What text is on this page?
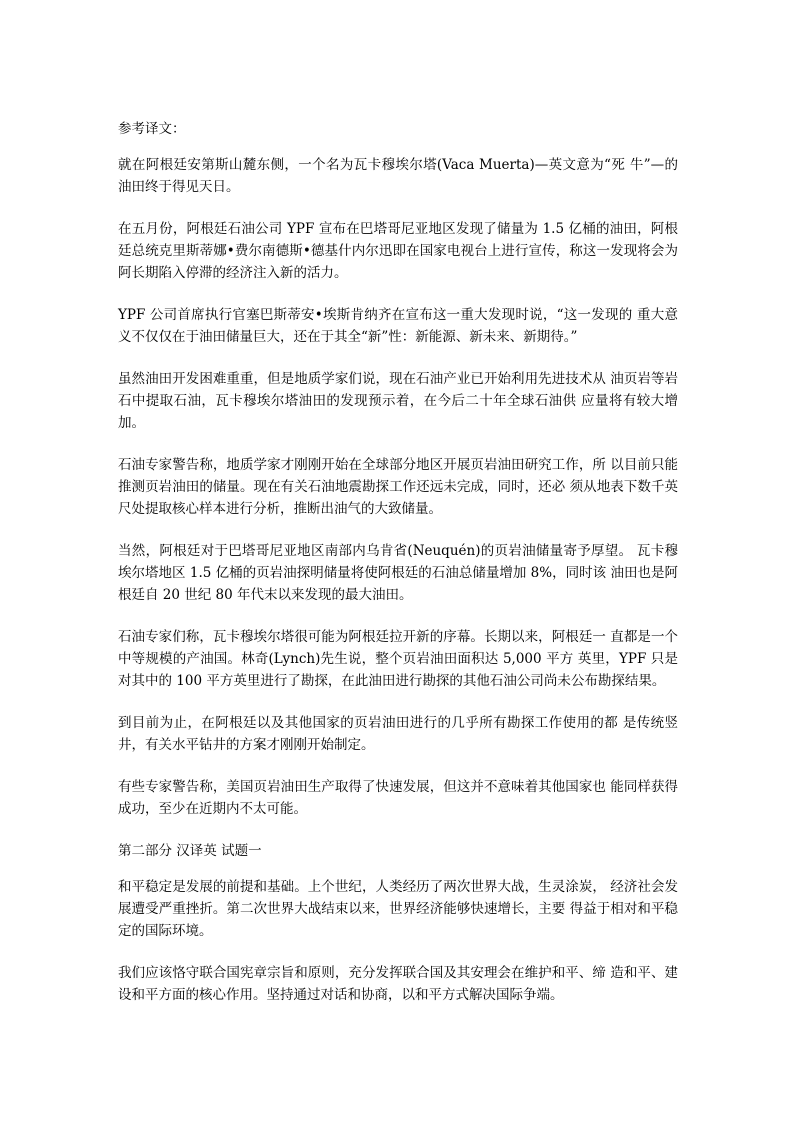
参考译文：

就在阿根廷安第斯山麓东侧，一个名为瓦卡穆埃尔塔(Vaca Muerta)—英文意为“死 牛”—的油田终于得见天日。

在五月份，阿根廷石油公司 YPF 宣布在巴塔哥尼亚地区发现了储量为 1.5 亿桶的油田，阿根廷总统克里斯蒂娜•费尔南德斯•德基什内尔迅即在国家电视台上进行宣传，称这一发现将会为阿长期陷入停滞的经济注入新的活力。

YPF 公司首席执行官塞巴斯蒂安•埃斯肯纳齐在宣布这一重大发现时说，“这一发现的 重大意义不仅仅在于油田储量巨大，还在于其全“新”性：新能源、新未来、新期待。”

虽然油田开发困难重重，但是地质学家们说，现在石油产业已开始利用先进技术从 油页岩等岩石中提取石油，瓦卡穆埃尔塔油田的发现预示着，在今后二十年全球石油供 应量将有较大增加。

石油专家警告称，地质学家才刚刚开始在全球部分地区开展页岩油田研究工作，所 以目前只能推测页岩油田的储量。现在有关石油地震勘探工作还远未完成，同时，还必 须从地表下数千英尺处提取核心样本进行分析，推断出油气的大致储量。

当然，阿根廷对于巴塔哥尼亚地区南部内乌肯省(Neuquén)的页岩油储量寄予厚望。 瓦卡穆埃尔塔地区 1.5 亿桶的页岩油探明储量将使阿根廷的石油总储量增加 8%，同时该 油田也是阿根廷自 20 世纪 80 年代末以来发现的最大油田。

石油专家们称，瓦卡穆埃尔塔很可能为阿根廷拉开新的序幕。长期以来，阿根廷一 直都是一个中等规模的产油国。林奇(Lynch)先生说，整个页岩油田面积达 5,000 平方 英里，YPF 只是对其中的 100 平方英里进行了勘探，在此油田进行勘探的其他石油公司尚未公布勘探结果。

到目前为止，在阿根廷以及其他国家的页岩油田进行的几乎所有勘探工作使用的都 是传统竖井，有关水平钻井的方案才刚刚开始制定。

有些专家警告称，美国页岩油田生产取得了快速发展，但这并不意味着其他国家也 能同样获得成功，至少在近期内不太可能。

第二部分 汉译英 试题一

和平稳定是发展的前提和基础。上个世纪，人类经历了两次世界大战，生灵涂炭， 经济社会发展遭受严重挫折。第二次世界大战结束以来，世界经济能够快速增长，主要 得益于相对和平稳定的国际环境。

我们应该恪守联合国宪章宗旨和原则，充分发挥联合国及其安理会在维护和平、缔 造和平、建设和平方面的核心作用。坚持通过对话和协商，以和平方式解决国际争端。
